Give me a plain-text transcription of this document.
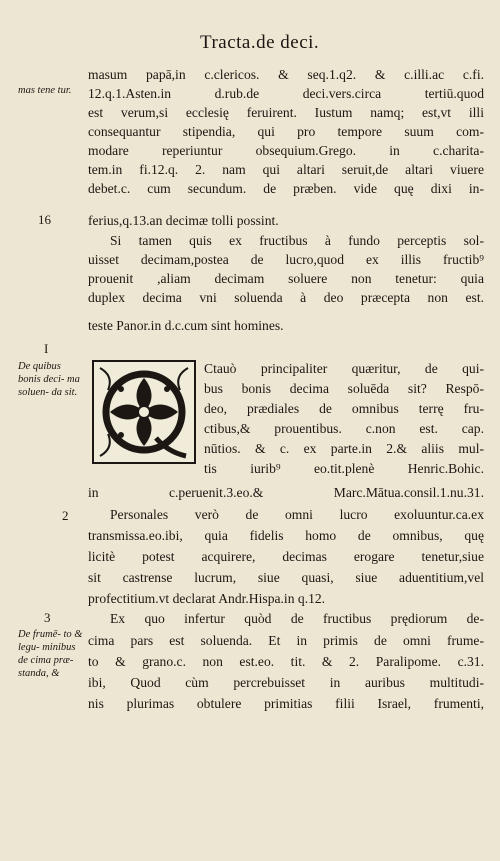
Tracta.de deci.
mas tene tur.
16
I
De quibus bonis deci- ma soluen- da sit.
2
3
De frumē- to & legu- minibus de cima præ- standa, &
masum papā,in c.clericos. & seq.1.q2. & c.illi.ac c.fi.
12.q.1.Asten.in d.rub.de deci.vers.circa tertiū.quod
est verum,si ecclesię feruirent. Iustum namq; est,vt illi
consequantur stipendia, qui pro tempore suum com-
modare reperiuntur obsequium.Grego. in c.charita-
tem.in fi.12.q. 2. nam qui altari seruit,de altari viuere
debet.c. cum secundum. de præben. vide quę dixi in-
ferius,q.13.an decimæ tolli possint.
Si tamen quis ex fructibus à fundo perceptis sol-
uisset decimam,postea de lucro,quod ex illis fructib⁹
prouenit ,aliam decimam soluere non tenetur: quia
duplex decima vni soluenda à deo præcepta non est.
teste Panor.in d.c.cum sint homines.
Ctauò principaliter quæritur, de qui-
bus bonis decima soluēda sit? Respō-
deo, prædiales de omnibus terrę fru-
ctibus,& prouentibus. c.non est. cap.
nūtios. & c. ex parte.in 2.& aliis mul-
tis iurib⁹ eo.tit.plenè Henric.Bohic.
in c.peruenit.3.eo.& Marc.Mātua.consil.1.nu.31.
Personales verò de omni lucro exoluuntur.ca.ex
transmissa.eo.ibi, quia fidelis homo de omnibus, quę
licitè potest acquirere, decimas erogare tenetur,siue
sit castrense lucrum, siue quasi, siue aduentitium,vel
profectitium.vt declarat Andr.Hispa.in q.12.
Ex quo infertur quòd de fructibus prędiorum de-
cima pars est soluenda. Et in primis de omni frume-
to & grano.c. non est.eo. tit. & 2. Paralipome. c.31.
ibi, Quod cùm percrebuisset in auribus multitudi-
nis plurimas obtulere primitias filii Israel, frumenti,
